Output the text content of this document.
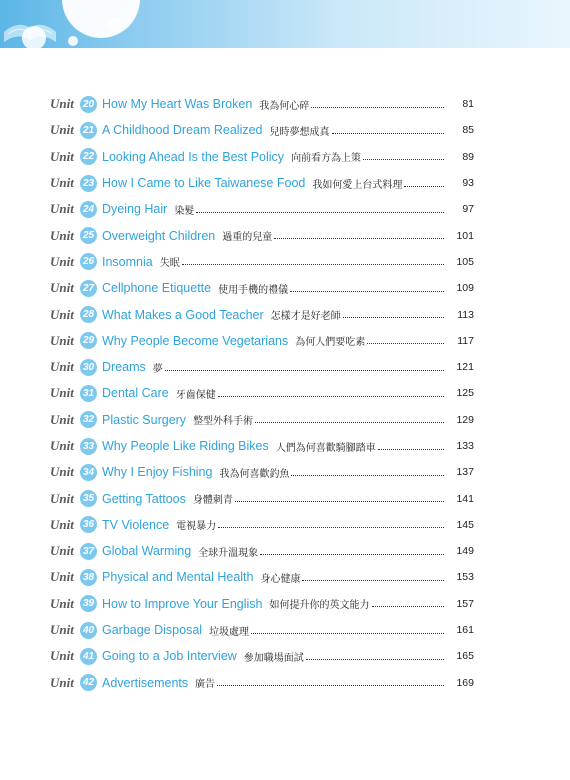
Unit 20 How My Heart Was Broken 我為何心碎	81
Unit 21 A Childhood Dream Realized 兒時夢想成真	85
Unit 22 Looking Ahead Is the Best Policy 向前看方為上策	89
Unit 23 How I Came to Like Taiwanese Food 我如何愛上台式料理	93
Unit 24 Dyeing Hair 染髮	97
Unit 25 Overweight Children 過重的兒童	101
Unit 26 Insomnia 失眠	105
Unit 27 Cellphone Etiquette 使用手機的禮儀	109
Unit 28 What Makes a Good Teacher 怎樣才是好老師	113
Unit 29 Why People Become Vegetarians 為何人們要吃素	117
Unit 30 Dreams 夢	121
Unit 31 Dental Care 牙齒保健	125
Unit 32 Plastic Surgery 整型外科手術	129
Unit 33 Why People Like Riding Bikes 人們為何喜歡騎腳踏車	133
Unit 34 Why I Enjoy Fishing 我為何喜歡釣魚	137
Unit 35 Getting Tattoos 身體刺青	141
Unit 36 TV Violence 電視暴力	145
Unit 37 Global Warming 全球升溫現象	149
Unit 38 Physical and Mental Health 身心健康	153
Unit 39 How to Improve Your English 如何提升你的英文能力	157
Unit 40 Garbage Disposal 垃圾處理	161
Unit 41 Going to a Job Interview 參加職場面試	165
Unit 42 Advertisements 廣告	169
